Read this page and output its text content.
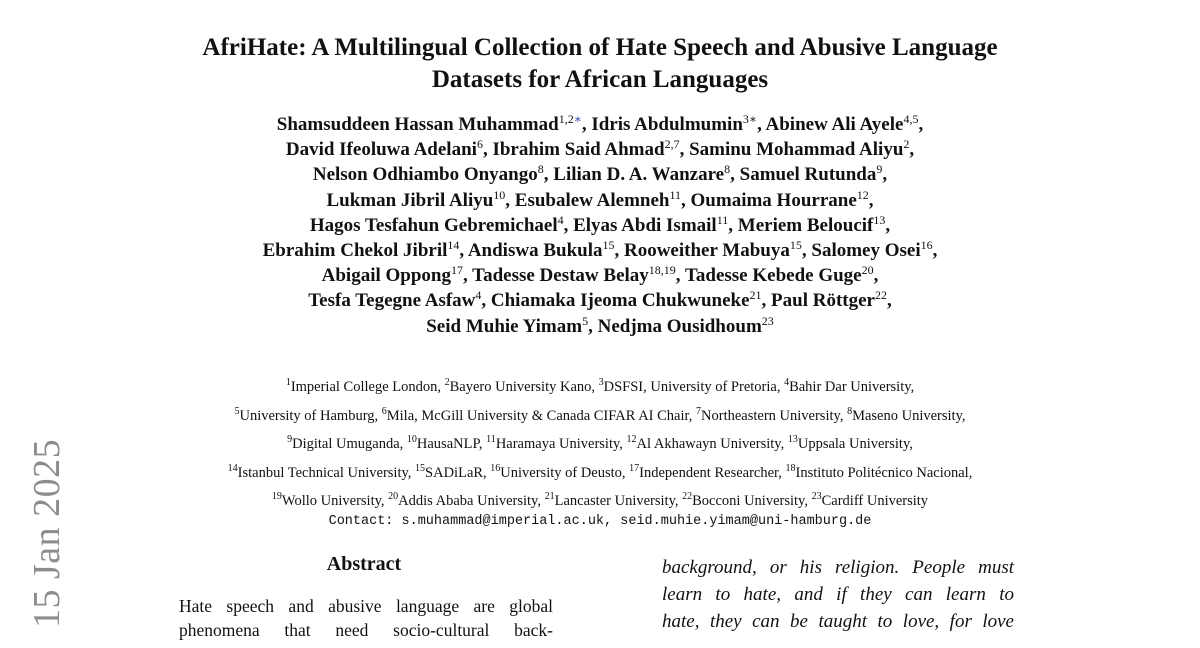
15 Jan 2025
AfriHate: A Multilingual Collection of Hate Speech and Abusive Language
Datasets for African Languages
Shamsuddeen Hassan Muhammad$^{1,2∗}$, Idris Abdulmumin$^{3∗}$, Abinew Ali Ayele$^{4,5}$,
David Ifeoluwa Adelani$^6$, Ibrahim Said Ahmad$^{2,7}$, Saminu Mohammad Aliyu$^2$,
Nelson Odhiambo Onyango$^8$, Lilian D. A. Wanzare$^8$, Samuel Rutunda$^9$,
Lukman Jibril Aliyu$^{10}$, Esubalew Alemneh$^{11}$, Oumaima Hourrane$^{12}$,
Hagos Tesfahun Gebremichael$^4$, Elyas Abdi Ismail$^{11}$, Meriem Beloucif$^{13}$,
Ebrahim Chekol Jibril$^{14}$, Andiswa Bukula$^{15}$, Rooweither Mabuya$^{15}$, Salomey Osei$^{16}$,
Abigail Oppong$^{17}$, Tadesse Destaw Belay$^{18,19}$, Tadesse Kebede Guge$^{20}$,
Tesfa Tegegne Asfaw$^4$, Chiamaka Ijeoma Chukwuneke$^{21}$, Paul Röttger$^{22}$,
Seid Muhie Yimam$^5$, Nedjma Ousidhoum$^{23}$
$^1$Imperial College London, $^2$Bayero University Kano, $^3$DSFSI, University of Pretoria, $^4$Bahir Dar University,
$^5$University of Hamburg, $^6$Mila, McGill University & Canada CIFAR AI Chair, $^7$Northeastern University, $^8$Maseno University,
$^9$Digital Umuganda, $^{10}$HausaNLP, $^{11}$Haramaya University, $^{12}$Al Akhawayn University, $^{13}$Uppsala University,
$^{14}$Istanbul Technical University, $^{15}$SADiLaR, $^{16}$University of Deusto, $^{17}$Independent Researcher, $^{18}$Instituto Politécnico Nacional,
$^{19}$Wollo University, $^{20}$Addis Ababa University, $^{21}$Lancaster University, $^{22}$Bocconi University, $^{23}$Cardiff University
Contact: s.muhammad@imperial.ac.uk, seid.muhie.yimam@uni-hamburg.de
Abstract
Hate speech and abusive language are global
phenomena that need socio-cultural back-
background, or his religion. People must
learn to hate, and if they can learn to
hate, they can be taught to love, for love
